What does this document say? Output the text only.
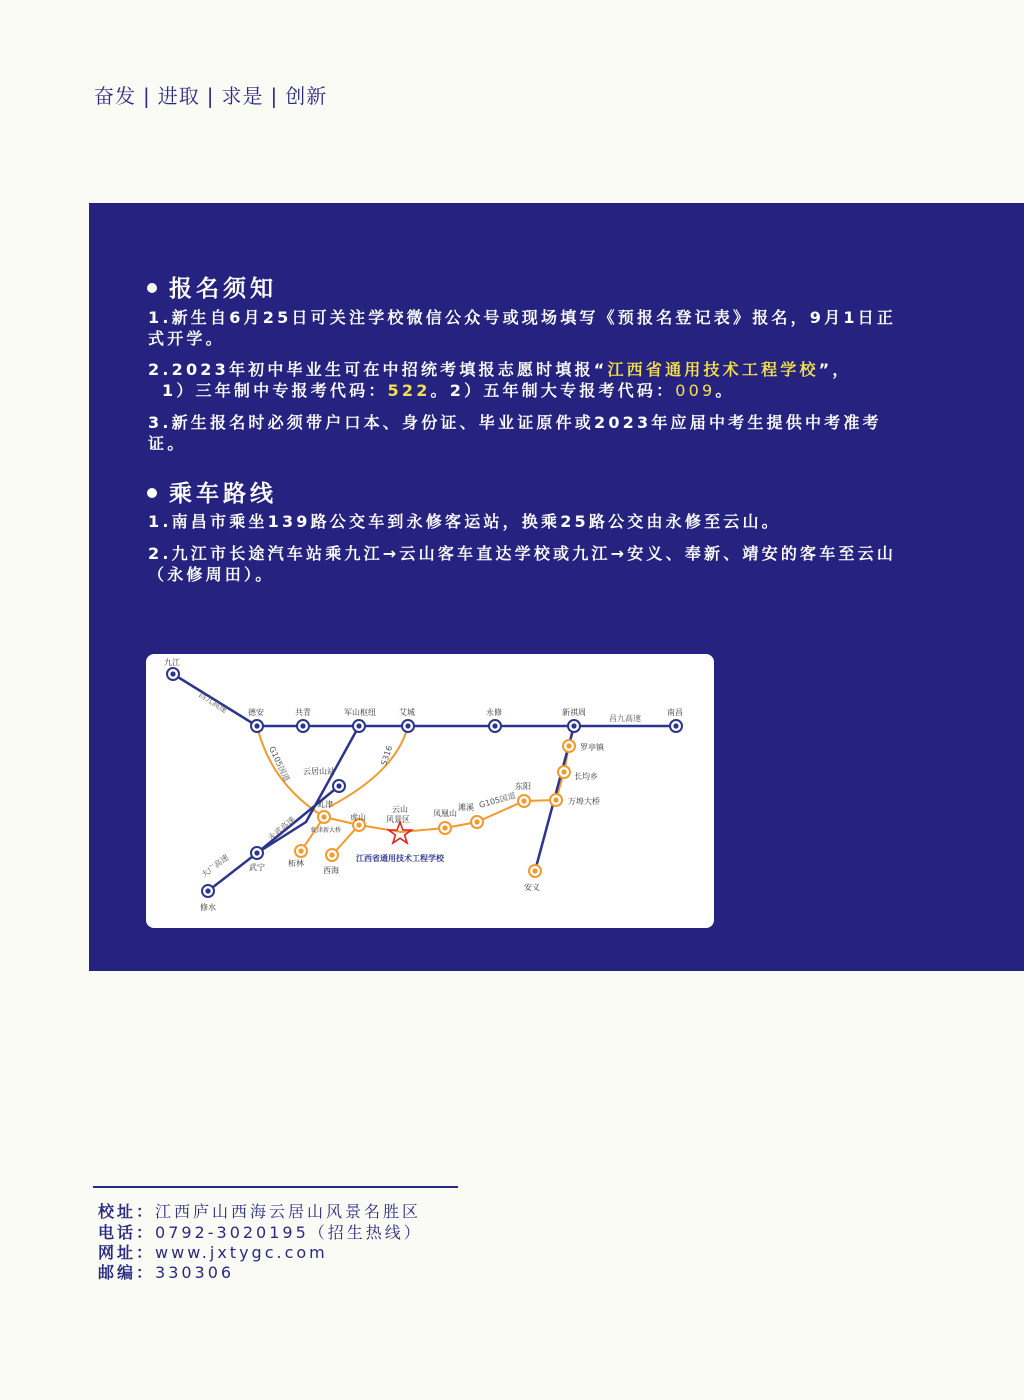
奋发 | 进取 | 求是 | 创新
报名须知
1.新生自6月25日可关注学校微信公众号或现场填写《预报名登记表》报名，9月1日正式开学。
2.2023年初中毕业生可在中招统考填报志愿时填报“江西省通用技术工程学校”，
1）三年制中专报考代码：522。2）五年制大专报考代码：009。
3.新生报名时必须带户口本、身份证、毕业证原件或2023年应届中考生提供中考准考证。
乘车路线
1.南昌市乘坐139路公交车到永修客运站，换乘25路公交由永修至云山。
2.九江市长途汽车站乘九江→云山客车直达学校或九江→安义、奉新、靖安的客车至云山（永修周田）。
昌九高速
昌九高速
G105国道
G105国道
S316
永武高速
大广高速
九江
德安	共青	军山枢纽	艾城	永修	新祺周	南昌
云居山站
虬津
虬津新大桥
虎山
云山
风景区
凤凰山
滩溪
东阳
罗亭镇
长均乡
万埠大桥
安义
柘林
西海
武宁
修水
江西省通用技术工程学校
校址：江西庐山西海云居山风景名胜区
电话：0792-3020195（招生热线）
网址：www.jxtygc.com
邮编：330306
